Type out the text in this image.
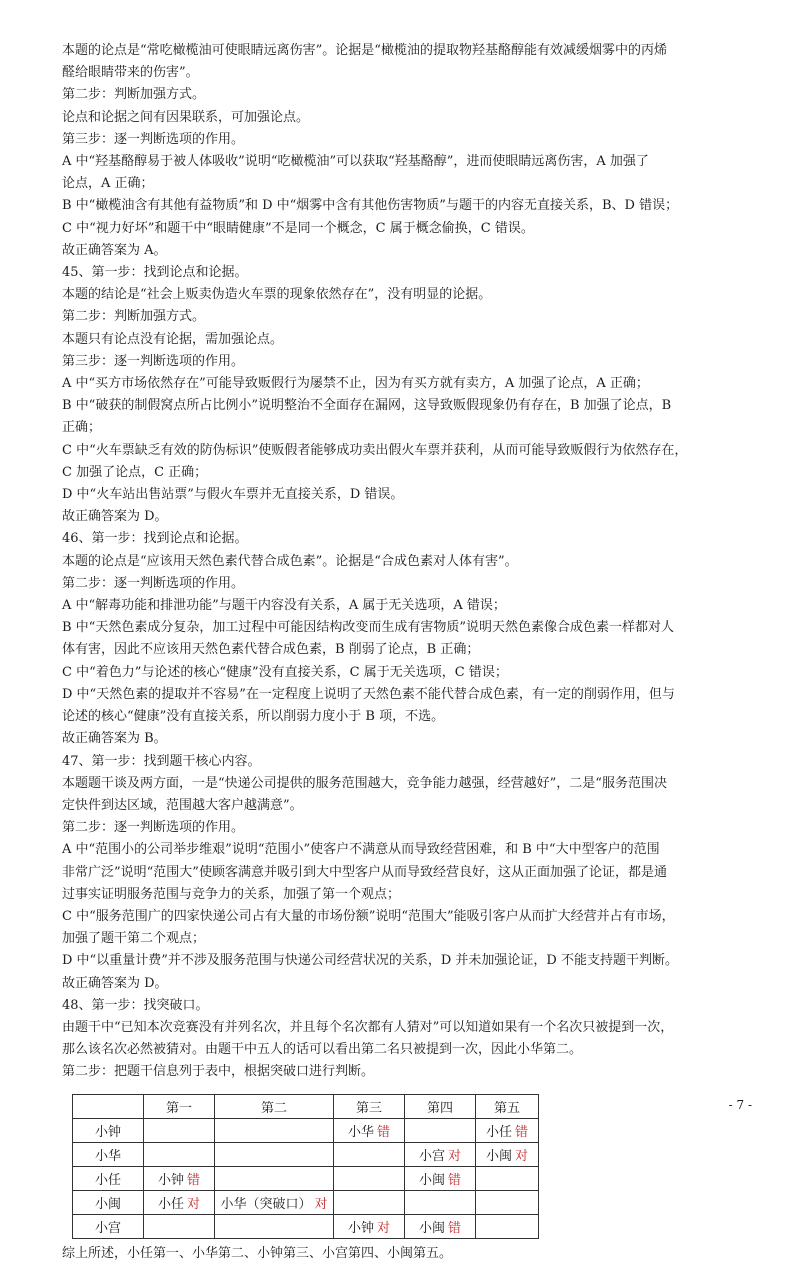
本题的论点是“常吃橄榄油可使眼睛远离伤害”。论据是“橄榄油的提取物羟基酪醇能有效减缓烟雾中的丙烯

醛给眼睛带来的伤害”。

第二步：判断加强方式。

论点和论据之间有因果联系，可加强论点。

第三步：逐一判断选项的作用。

A 中“羟基酪醇易于被人体吸收”说明“吃橄榄油”可以获取“羟基酪醇”，进而使眼睛远离伤害，A 加强了

论点，A 正确；

B 中“橄榄油含有其他有益物质”和 D 中“烟雾中含有其他伤害物质”与题干的内容无直接关系，B、D 错误；

C 中“视力好坏”和题干中“眼睛健康”不是同一个概念，C 属于概念偷换，C 错误。

故正确答案为 A。

45、第一步：找到论点和论据。

本题的结论是“社会上贩卖伪造火车票的现象依然存在”，没有明显的论据。

第二步：判断加强方式。

本题只有论点没有论据，需加强论点。

第三步：逐一判断选项的作用。

A 中“买方市场依然存在”可能导致贩假行为屡禁不止，因为有买方就有卖方，A 加强了论点，A 正确；

B 中“破获的制假窝点所占比例小”说明整治不全面存在漏网，这导致贩假现象仍有存在，B 加强了论点，B

正确；

C 中“火车票缺乏有效的防伪标识”使贩假者能够成功卖出假火车票并获利，从而可能导致贩假行为依然存在，

C 加强了论点，C 正确；

D 中“火车站出售站票”与假火车票并无直接关系，D 错误。

故正确答案为 D。

46、第一步：找到论点和论据。

本题的论点是“应该用天然色素代替合成色素”。论据是“合成色素对人体有害”。

第二步：逐一判断选项的作用。

A 中“解毒功能和排泄功能”与题干内容没有关系，A 属于无关选项，A 错误；

B 中“天然色素成分复杂，加工过程中可能因结构改变而生成有害物质”说明天然色素像合成色素一样都对人

体有害，因此不应该用天然色素代替合成色素，B 削弱了论点，B 正确；

C 中“着色力”与论述的核心“健康”没有直接关系，C 属于无关选项，C 错误；

D 中“天然色素的提取并不容易”在一定程度上说明了天然色素不能代替合成色素，有一定的削弱作用，但与

论述的核心“健康”没有直接关系，所以削弱力度小于 B 项，不选。

故正确答案为 B。

47、第一步：找到题干核心内容。

本题题干谈及两方面，一是“快递公司提供的服务范围越大，竞争能力越强，经营越好”，二是“服务范围决

定快件到达区域，范围越大客户越满意”。

第二步：逐一判断选项的作用。

A 中“范围小的公司举步维艰”说明“范围小”使客户不满意从而导致经营困难，和 B 中“大中型客户的范围

非常广泛”说明“范围大”使顾客满意并吸引到大中型客户从而导致经营良好，这从正面加强了论证，都是通

过事实证明服务范围与竞争力的关系，加强了第一个观点；

C 中“服务范围广的四家快递公司占有大量的市场份额”说明“范围大”能吸引客户从而扩大经营并占有市场，

加强了题干第二个观点；

D 中“以重量计费”并不涉及服务范围与快递公司经营状况的关系，D 并未加强论证，D 不能支持题干判断。

故正确答案为 D。

48、第一步：找突破口。

由题干中“已知本次竞赛没有并列名次，并且每个名次都有人猜对”可以知道如果有一个名次只被提到一次，

那么该名次必然被猜对。由题干中五人的话可以看出第二名只被提到一次，因此小华第二。

第二步：把题干信息列于表中，根据突破口进行判断。

	第一	第二	第三	第四	第五
小钟			小华 错		小任 错
小华				小宫 对	小闽 对
小任	小钟 错			小闽 错	
小闽	小任 对	小华（突破口） 对			
小宫			小钟 对	小闽 错	

综上所述，小任第一、小华第二、小钟第三、小宫第四、小闽第五。

- 7 -
